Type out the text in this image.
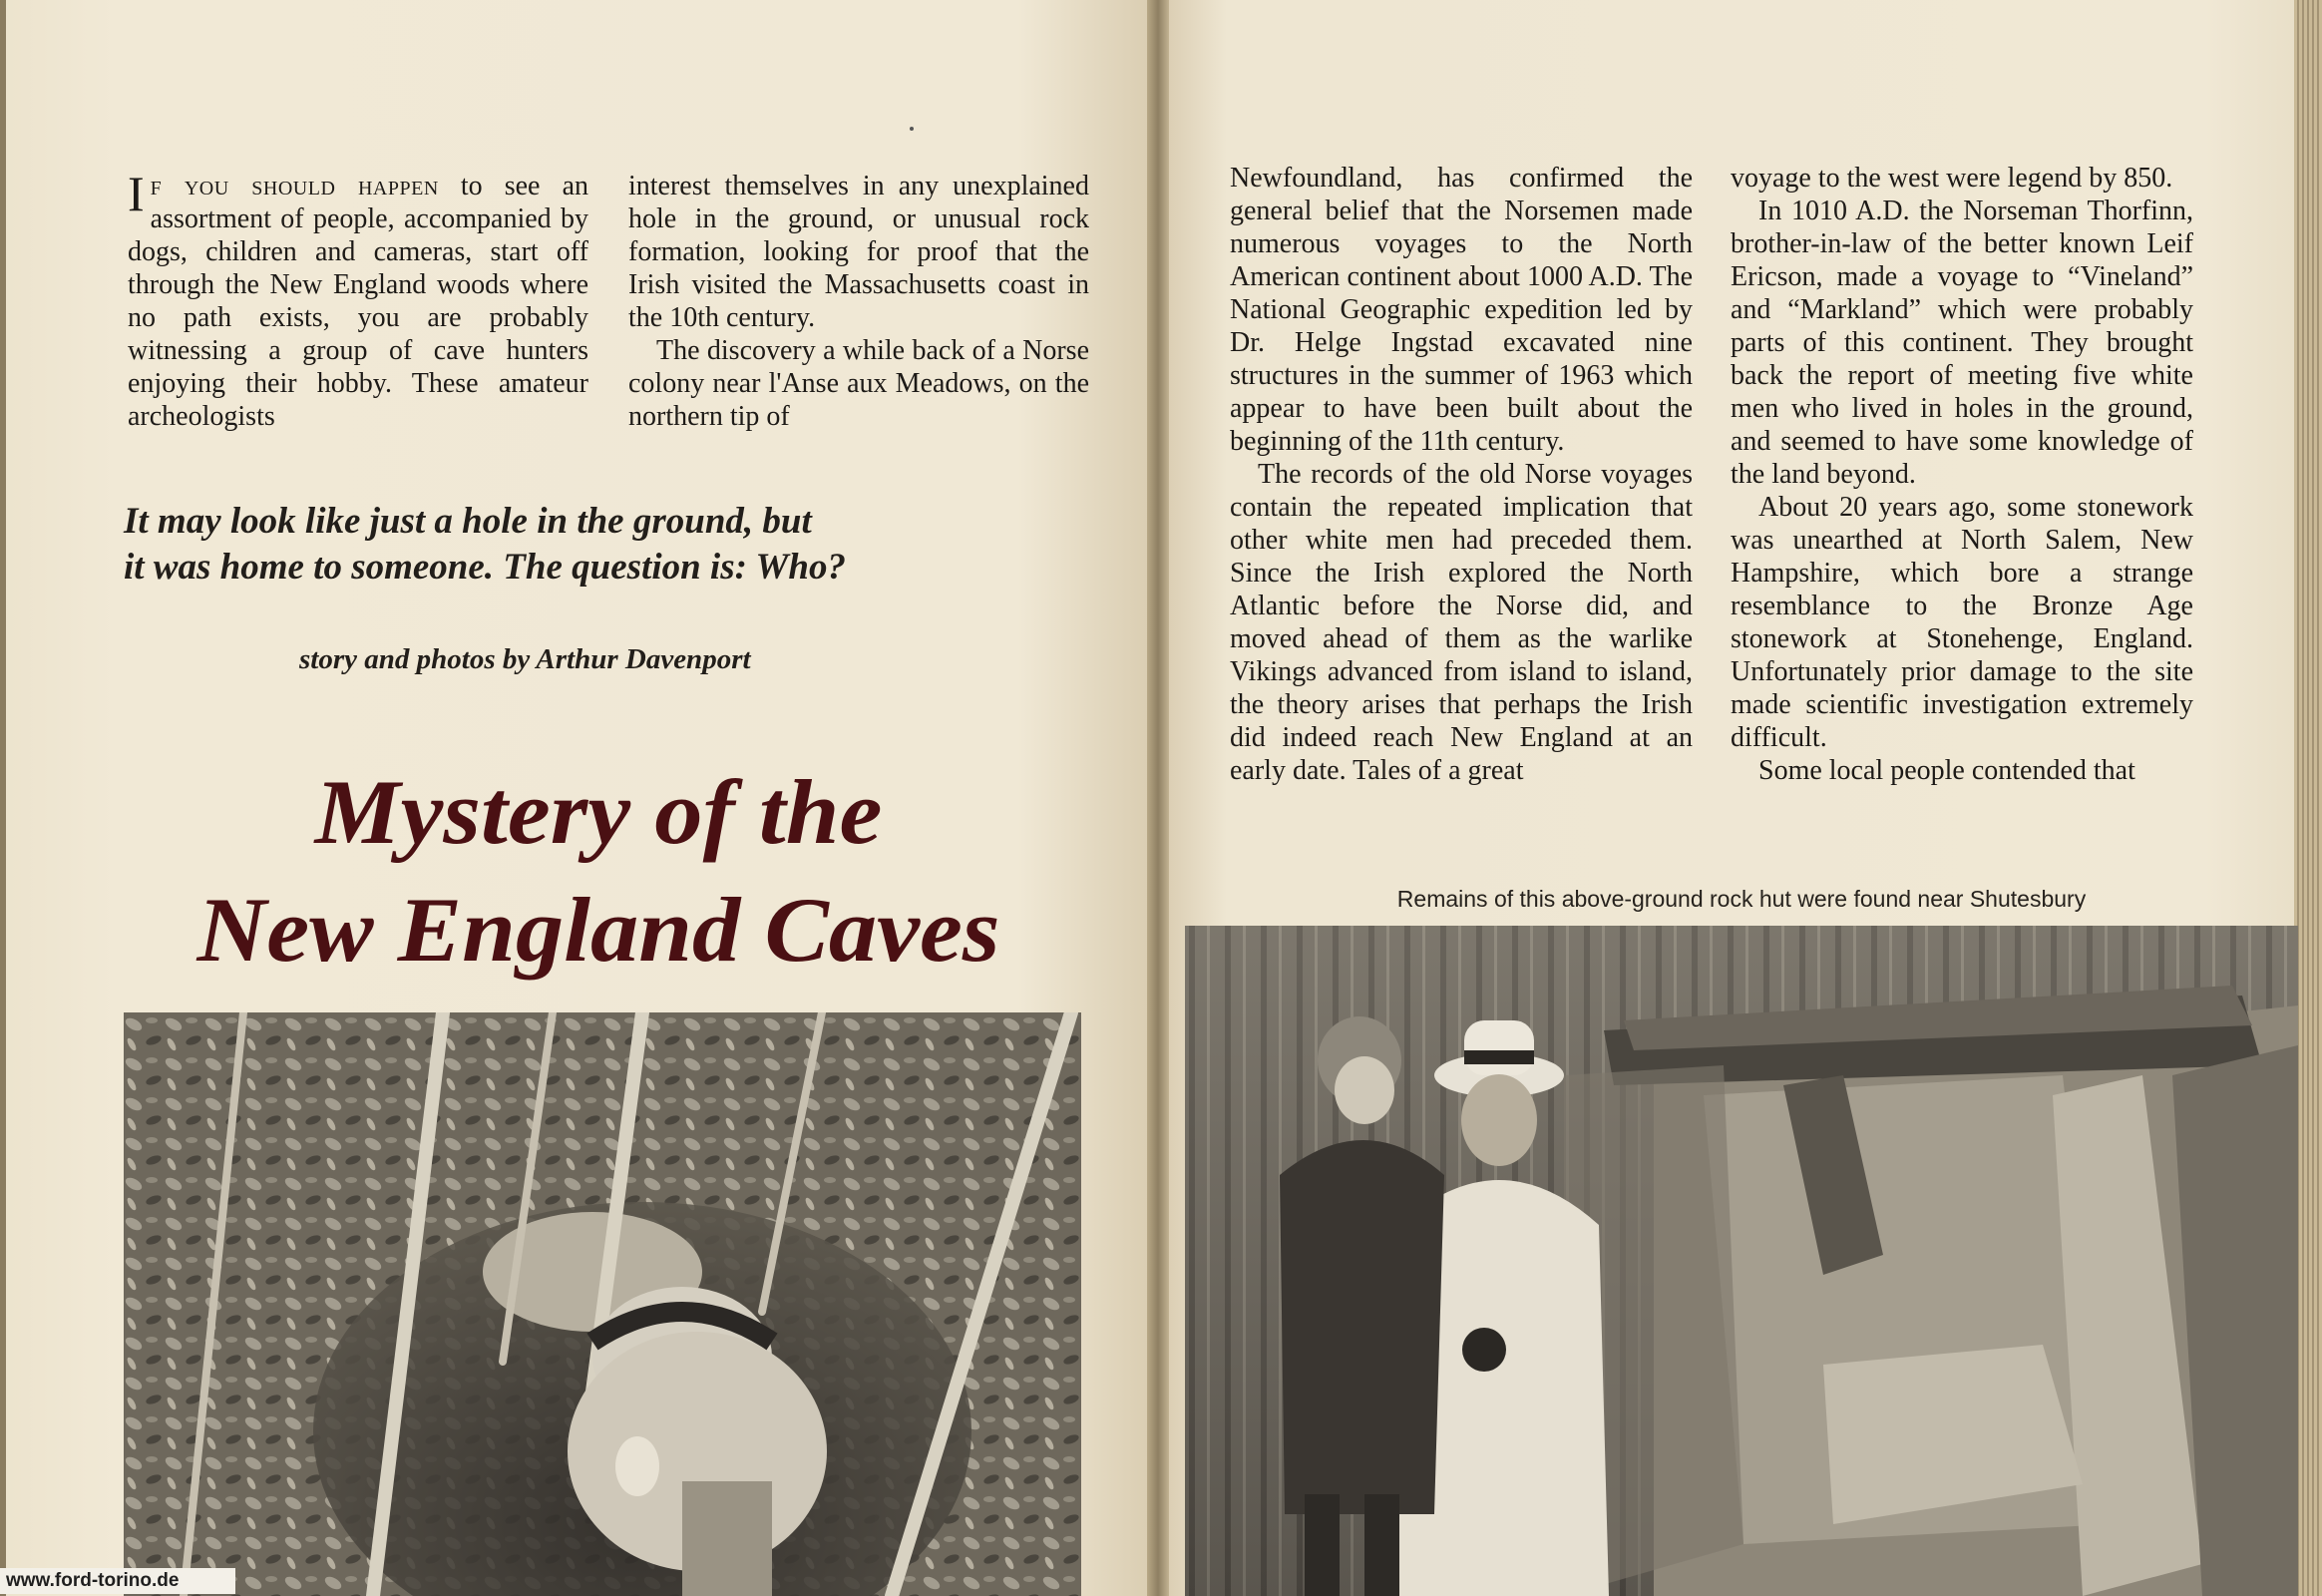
If you should happen to see an assortment of people, accompanied by dogs, children and cameras, start off through the New England woods where no path exists, you are probably witnessing a group of cave hunters enjoying their hobby. These amateur archeologists

interest themselves in any unexplained hole in the ground, or unusual rock formation, looking for proof that the Irish visited the Massachusetts coast in the 10th century.

The discovery a while back of a Norse colony near l'Anse aux Meadows, on the northern tip of

It may look like just a hole in the ground, but
it was home to someone. The question is: Who?
story and photos by Arthur Davenport
Mystery of the
New England Caves

Newfoundland, has confirmed the general belief that the Norsemen made numerous voyages to the North American continent about 1000 A.D. The National Geographic expedition led by Dr. Helge Ingstad excavated nine structures in the summer of 1963 which appear to have been built about the beginning of the 11th century.

The records of the old Norse voyages contain the repeated implication that other white men had preceded them. Since the Irish explored the North Atlantic before the Norse did, and moved ahead of them as the warlike Vikings advanced from island to island, the theory arises that perhaps the Irish did indeed reach New England at an early date. Tales of a great

voyage to the west were legend by 850.

In 1010 A.D. the Norseman Thorfinn, brother-in-law of the better known Leif Ericson, made a voyage to “Vineland” and “Markland” which were probably parts of this continent. They brought back the report of meeting five white men who lived in holes in the ground, and seemed to have some knowledge of the land beyond.

About 20 years ago, some stonework was unearthed at North Salem, New Hampshire, which bore a strange resemblance to the Bronze Age stonework at Stonehenge, England. Unfortunately prior damage to the site made scientific investigation extremely difficult.

Some local people contended that

Remains of this above-ground rock hut were found near Shutesbury
www.ford-torino.de
